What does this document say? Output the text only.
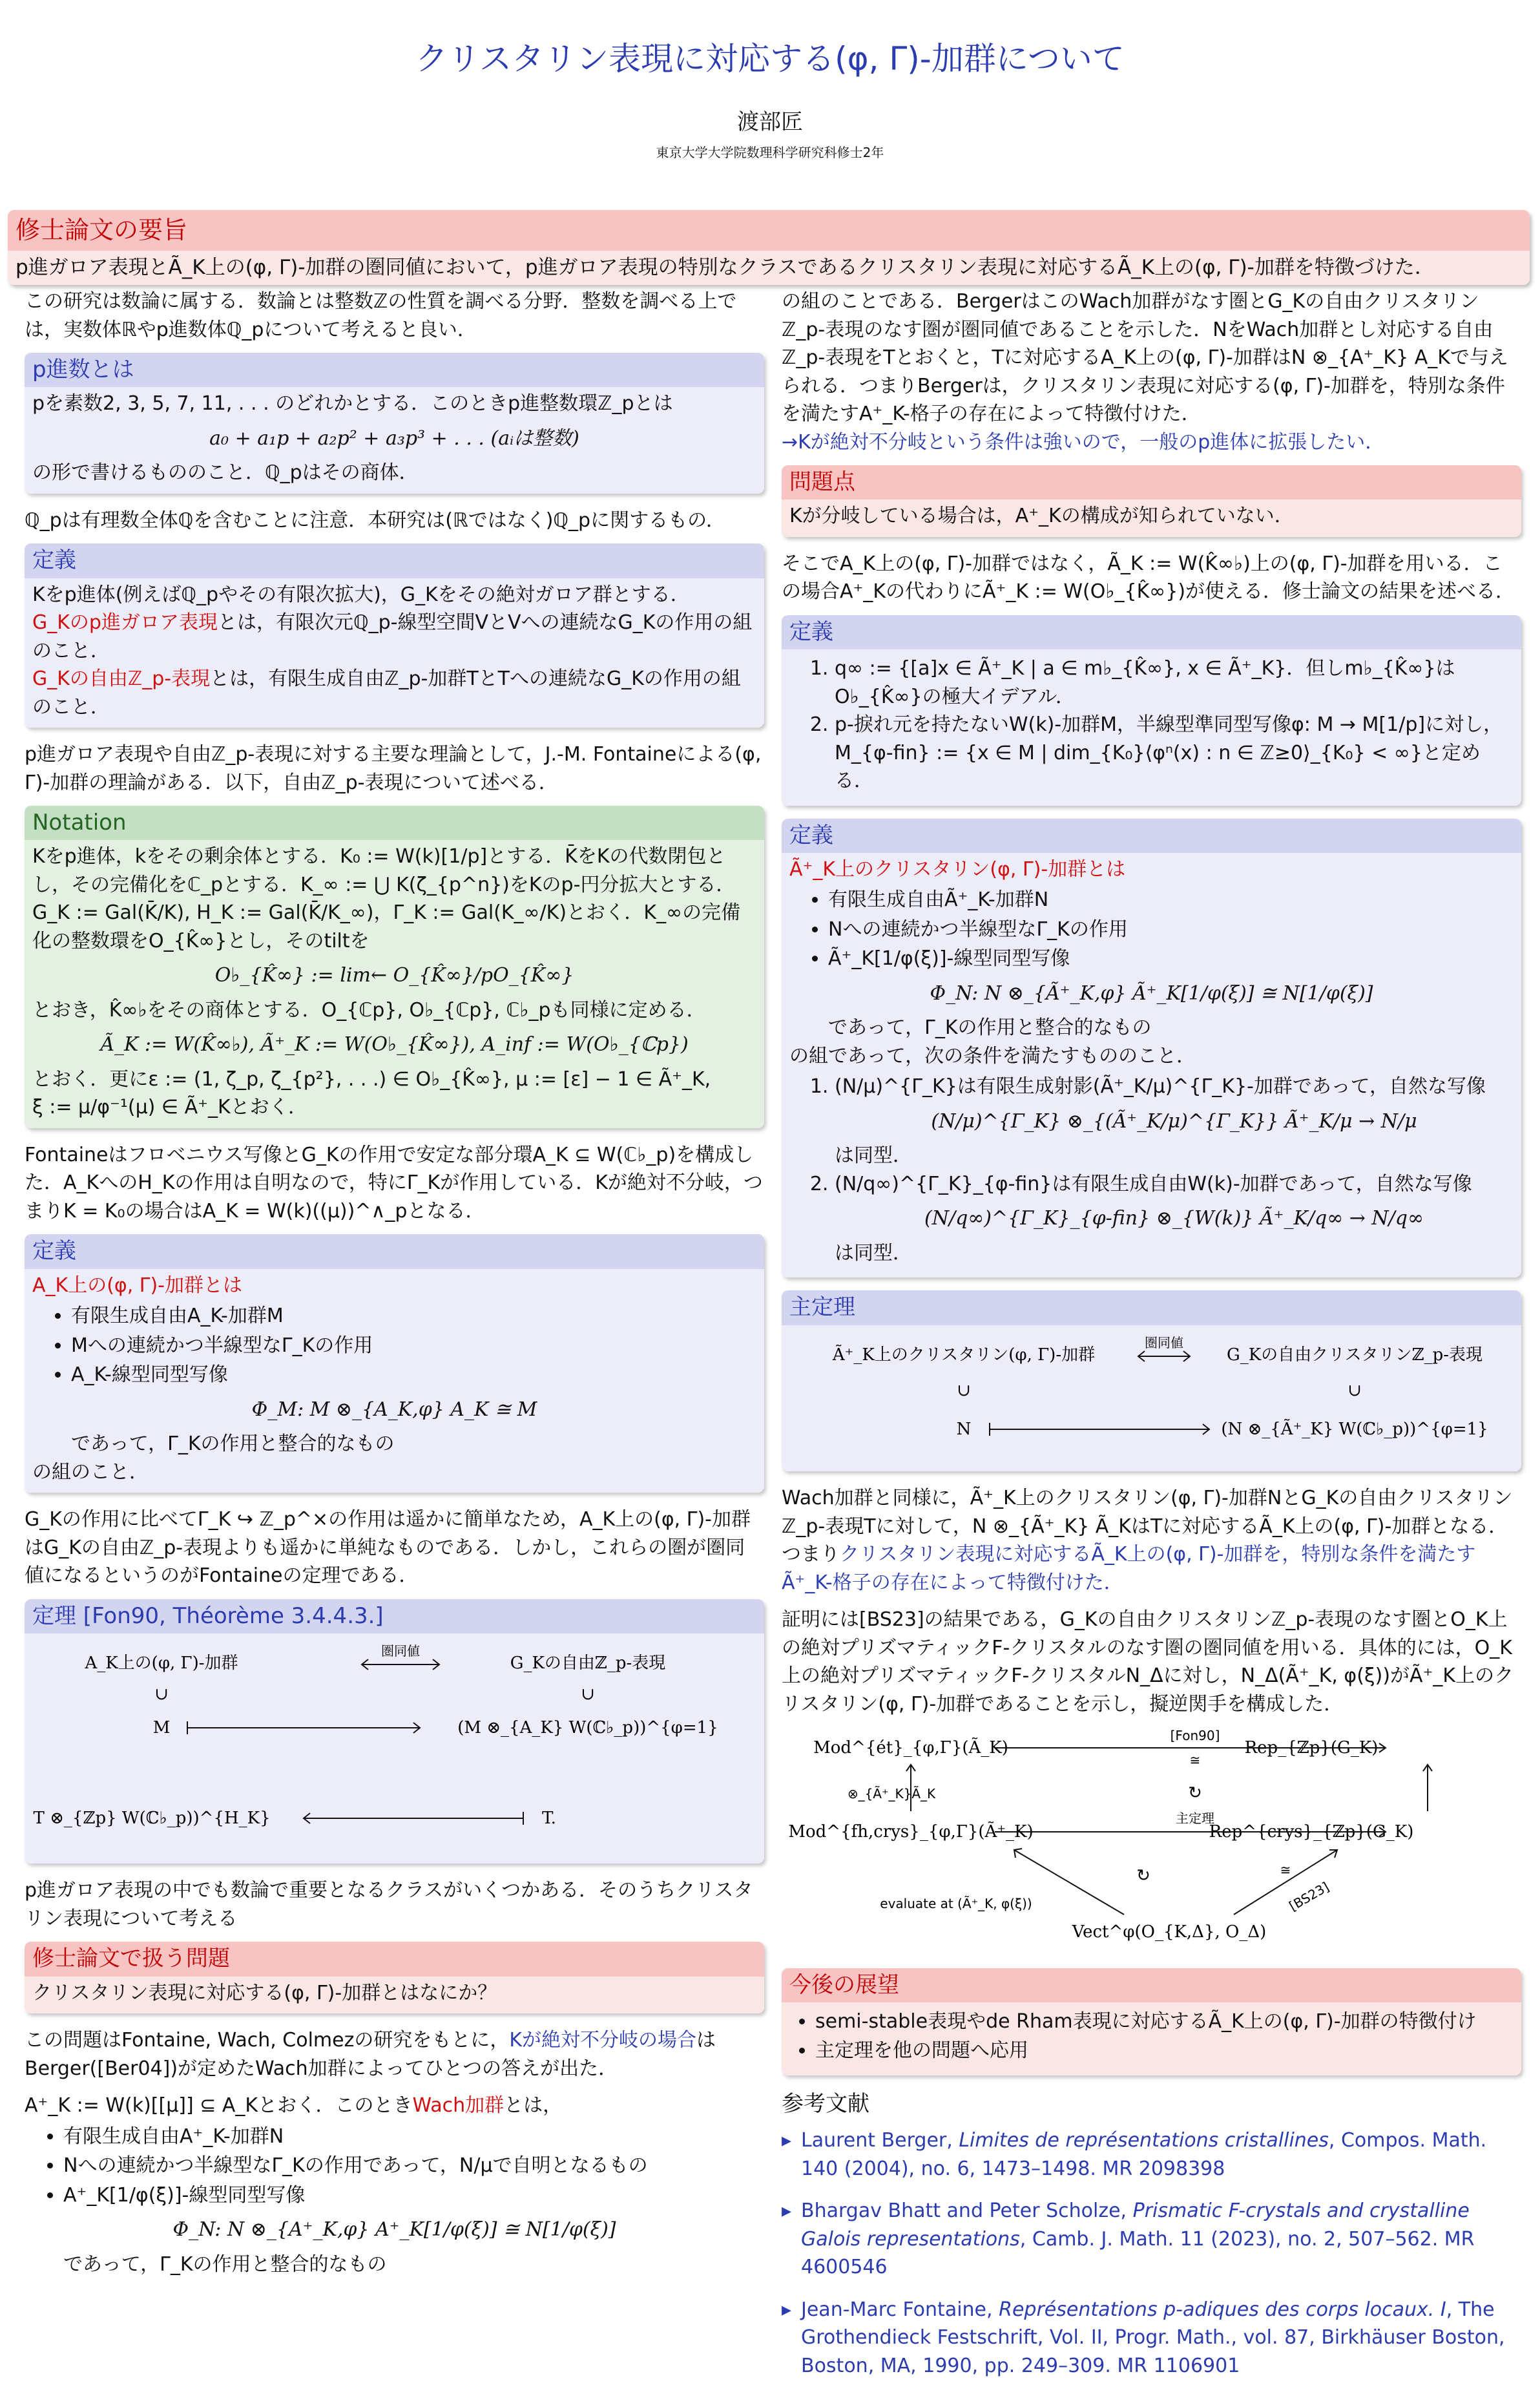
クリスタリン表現に対応する(φ, Γ)-加群について
渡部匠
東京大学大学院数理科学研究科修士2年
修士論文の要旨
p進ガロア表現とÃ_K上の(φ, Γ)-加群の圏同値において，p進ガロア表現の特別なクラスであるクリスタリン表現に対応するÃ_K上の(φ, Γ)-加群を特徴づけた．

この研究は数論に属する．数論とは整数ℤの性質を調べる分野．整数を調べる上では，実数体ℝやp進数体ℚ_pについて考えると良い．

p進数とは
pを素数2, 3, 5, 7, 11, . . . のどれかとする．このときp進整数環ℤ_pとは
a₀ + a₁p + a₂p² + a₃p³ + . . . (aᵢは整数)
の形で書けるもののこと．ℚ_pはその商体．

ℚ_pは有理数全体ℚを含むことに注意．本研究は(ℝではなく)ℚ_pに関するもの．

定義
Kをp進体(例えばℚ_pやその有限次拡大)，G_Kをその絶対ガロア群とする．
G_Kのp進ガロア表現とは，有限次元ℚ_p-線型空間VとVへの連続なG_Kの作用の組のこと．
G_Kの自由ℤ_p-表現とは，有限生成自由ℤ_p-加群TとTへの連続なG_Kの作用の組のこと．

p進ガロア表現や自由ℤ_p-表現に対する主要な理論として，J.-M. Fontaineによる(φ, Γ)-加群の理論がある．以下，自由ℤ_p-表現について述べる．

Notation
Kをp進体，kをその剰余体とする．K₀ := W(k)[1/p]とする．K̄をKの代数閉包とし，その完備化をℂ_pとする．K_∞ := ⋃ K(ζ_{p^n})をKのp-円分拡大とする．G_K := Gal(K̄/K), H_K := Gal(K̄/K_∞)，Γ_K := Gal(K_∞/K)とおく．K_∞の完備化の整数環をO_{K̂∞}とし，そのtiltを
O♭_{K̂∞} := lim← O_{K̂∞}/pO_{K̂∞}
とおき，K̂∞♭をその商体とする．O_{ℂp}, O♭_{ℂp}, ℂ♭_pも同様に定める．
Ã_K := W(K̂∞♭), Ã⁺_K := W(O♭_{K̂∞}), A_inf := W(O♭_{ℂp})
とおく．更にε := (1, ζ_p, ζ_{p²}, . . .) ∈ O♭_{K̂∞}, μ := [ε] − 1 ∈ Ã⁺_K,
ξ := μ/φ⁻¹(μ) ∈ Ã⁺_Kとおく．

Fontaineはフロベニウス写像とG_Kの作用で安定な部分環A_K ⊆ W(ℂ♭_p)を構成した．A_KへのH_Kの作用は自明なので，特にΓ_Kが作用している．Kが絶対不分岐，つまりK = K₀の場合はA_K = W(k)((μ))^∧_pとなる．

定義
A_K上の(φ, Γ)-加群とは
• 有限生成自由A_K-加群M
• Mへの連続かつ半線型なΓ_Kの作用
• A_K-線型同型写像
Φ_M: M ⊗_{A_K,φ} A_K ≅ M
であって，Γ_Kの作用と整合的なもの
の組のこと．

G_Kの作用に比べてΓ_K ↪ ℤ_p^×の作用は遥かに簡単なため，A_K上の(φ, Γ)-加群はG_Kの自由ℤ_p-表現よりも遥かに単純なものである．しかし，これらの圏が圏同値になるというのがFontaineの定理である．

定理 [Fon90, Théorème 3.4.4.3.]
A_K上の(φ, Γ)-加群
圏同値
G_Kの自由ℤ_p-表現
∪	∪
M	(M ⊗_{A_K} W(ℂ♭_p))^{φ=1}
(T ⊗_{ℤp} W(ℂ♭_p))^{H_K}	T.

p進ガロア表現の中でも数論で重要となるクラスがいくつかある．そのうちクリスタリン表現について考える

修士論文で扱う問題
クリスタリン表現に対応する(φ, Γ)-加群とはなにか？

この問題はFontaine, Wach, Colmezの研究をもとに，Kが絶対不分岐の場合はBerger([Ber04])が定めたWach加群によってひとつの答えが出た．

A⁺_K := W(k)[[μ]] ⊆ A_Kとおく．このときWach加群とは，
• 有限生成自由A⁺_K-加群N
• Nへの連続かつ半線型なΓ_Kの作用であって，N/μで自明となるもの
• A⁺_K[1/φ(ξ)]-線型同型写像
Φ_N: N ⊗_{A⁺_K,φ} A⁺_K[1/φ(ξ)] ≅ N[1/φ(ξ)]
であって，Γ_Kの作用と整合的なもの

の組のことである．BergerはこのWach加群がなす圏とG_Kの自由クリスタリンℤ_p-表現のなす圏が圏同値であることを示した．NをWach加群とし対応する自由ℤ_p-表現をTとおくと，Tに対応するA_K上の(φ, Γ)-加群はN ⊗_{A⁺_K} A_Kで与えられる．つまりBergerは，クリスタリン表現に対応する(φ, Γ)-加群を，特別な条件を満たすA⁺_K-格子の存在によって特徴付けた．
→Kが絶対不分岐という条件は強いので，一般のp進体に拡張したい．

問題点
Kが分岐している場合は，A⁺_Kの構成が知られていない．

そこでA_K上の(φ, Γ)-加群ではなく，Ã_K := W(K̂∞♭)上の(φ, Γ)-加群を用いる．この場合A⁺_Kの代わりにÃ⁺_K := W(O♭_{K̂∞})が使える．修士論文の結果を述べる．

定義
1. q∞ := {[a]x ∈ Ã⁺_K | a ∈ m♭_{K̂∞}, x ∈ Ã⁺_K}．但しm♭_{K̂∞}はO♭_{K̂∞}の極大イデアル．
2. p-捩れ元を持たないW(k)-加群M，半線型準同型写像φ: M → M[1/p]に対し，M_{φ-fin} := {x ∈ M | dim_{K₀}⟨φⁿ(x) : n ∈ ℤ≥0⟩_{K₀} < ∞}と定める．
定義
Ã⁺_K上のクリスタリン(φ, Γ)-加群とは
• 有限生成自由Ã⁺_K-加群N
• Nへの連続かつ半線型なΓ_Kの作用
• Ã⁺_K[1/φ(ξ)]-線型同型写像
Φ_N: N ⊗_{Ã⁺_K,φ} Ã⁺_K[1/φ(ξ)] ≅ N[1/φ(ξ)]
であって，Γ_Kの作用と整合的なもの
の組であって，次の条件を満たすもののこと．
1. (N/μ)^{Γ_K}は有限生成射影(Ã⁺_K/μ)^{Γ_K}-加群であって，自然な写像
(N/μ)^{Γ_K} ⊗_{(Ã⁺_K/μ)^{Γ_K}} Ã⁺_K/μ → N/μ
は同型．
2. (N/q∞)^{Γ_K}_{φ-fin}は有限生成自由W(k)-加群であって，自然な写像
(N/q∞)^{Γ_K}_{φ-fin} ⊗_{W(k)} Ã⁺_K/q∞ → N/q∞
は同型．
主定理
Ã⁺_K上のクリスタリン(φ, Γ)-加群
圏同値
G_Kの自由クリスタリンℤ_p-表現
∪	∪
N	(N ⊗_{Ã⁺_K} W(ℂ♭_p))^{φ=1}

Wach加群と同様に，Ã⁺_K上のクリスタリン(φ, Γ)-加群NとG_Kの自由クリスタリンℤ_p-表現Tに対して，N ⊗_{Ã⁺_K} Ã_KはTに対応するÃ_K上の(φ, Γ)-加群となる．つまりクリスタリン表現に対応するÃ_K上の(φ, Γ)-加群を，特別な条件を満たすÃ⁺_K-格子の存在によって特徴付けた．

証明には[BS23]の結果である，G_Kの自由クリスタリンℤ_p-表現のなす圏とO_K上の絶対プリズマティックF-クリスタルのなす圏の圏同値を用いる．具体的には，O_K上の絶対プリズマティックF-クリスタルN_Δに対し，N_Δ(Ã⁺_K, φ(ξ))がÃ⁺_K上のクリスタリン(φ, Γ)-加群であることを示し，擬逆関手を構成した．

Mod^{ét}_{φ,Γ}(Ã_K)	Rep_{ℤp}(G_K)
[Fon90]
≅
⊗_{Ã⁺_K}Ã_K	↻
Mod^{fh,crys}_{φ,Γ}(Ã⁺_K)	Rep^{crys}_{ℤp}(G_K)
主定理
↻
evaluate at (Ã⁺_K, φ(ξ))
≅
[BS23]
Vect^φ(O_{K,Δ}, O_Δ)
今後の展望
• semi-stable表現やde Rham表現に対応するÃ_K上の(φ, Γ)-加群の特徴付け
• 主定理を他の問題へ応用
参考文献
▸ Laurent Berger, Limites de représentations cristallines, Compos. Math. 140 (2004), no. 6, 1473–1498. MR 2098398
▸ Bhargav Bhatt and Peter Scholze, Prismatic F-crystals and crystalline Galois representations, Camb. J. Math. 11 (2023), no. 2, 507–562. MR 4600546
▸ Jean-Marc Fontaine, Représentations p-adiques des corps locaux. I, The Grothendieck Festschrift, Vol. II, Progr. Math., vol. 87, Birkhäuser Boston, Boston, MA, 1990, pp. 249–309. MR 1106901
